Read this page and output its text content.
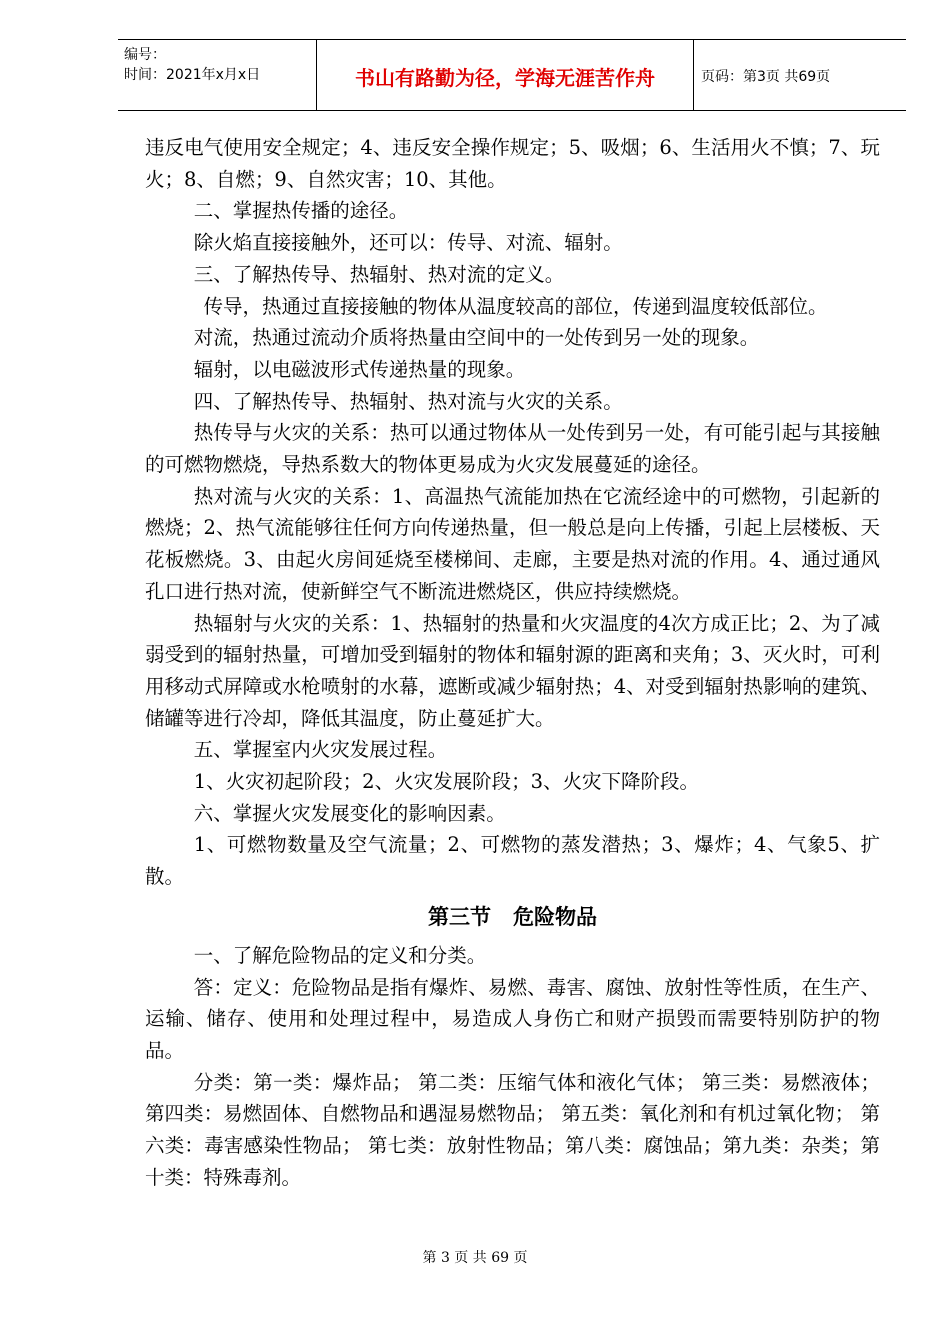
编号：
时间：2021年x月x日	书山有路勤为径，学海无涯苦作舟	页码：第3页 共69页

违反电气使用安全规定；4、违反安全操作规定；5、吸烟；6、生活用火不慎；7、玩火；8、自燃；9、自然灾害；10、其他。

二、掌握热传播的途径。

除火焰直接接触外，还可以：传导、对流、辐射。

三、了解热传导、热辐射、热对流的定义。

传导，热通过直接接触的物体从温度较高的部位，传递到温度较低部位。

对流，热通过流动介质将热量由空间中的一处传到另一处的现象。

辐射，以电磁波形式传递热量的现象。

四、了解热传导、热辐射、热对流与火灾的关系。

热传导与火灾的关系：热可以通过物体从一处传到另一处，有可能引起与其接触的可燃物燃烧，导热系数大的物体更易成为火灾发展蔓延的途径。

热对流与火灾的关系：1、高温热气流能加热在它流经途中的可燃物，引起新的燃烧；2、热气流能够往任何方向传递热量，但一般总是向上传播，引起上层楼板、天花板燃烧。3、由起火房间延烧至楼梯间、走廊，主要是热对流的作用。4、通过通风孔口进行热对流，使新鲜空气不断流进燃烧区，供应持续燃烧。

热辐射与火灾的关系：1、热辐射的热量和火灾温度的4次方成正比；2、为了减弱受到的辐射热量，可增加受到辐射的物体和辐射源的距离和夹角；3、灭火时，可利用移动式屏障或水枪喷射的水幕，遮断或减少辐射热；4、对受到辐射热影响的建筑、储罐等进行冷却，降低其温度，防止蔓延扩大。

五、掌握室内火灾发展过程。

1、火灾初起阶段；2、火灾发展阶段；3、火灾下降阶段。

六、掌握火灾发展变化的影响因素。

1、可燃物数量及空气流量；2、可燃物的蒸发潜热；3、爆炸；4、气象5、扩散。

第三节   危险物品

一、了解危险物品的定义和分类。

答：定义：危险物品是指有爆炸、易燃、毒害、腐蚀、放射性等性质，在生产、运输、储存、使用和处理过程中，易造成人身伤亡和财产损毁而需要特别防护的物品。

分类：第一类：爆炸品； 第二类：压缩气体和液化气体； 第三类：易燃液体； 第四类：易燃固体、自燃物品和遇湿易燃物品； 第五类：氧化剂和有机过氧化物； 第六类：毒害感染性物品； 第七类：放射性物品；第八类：腐蚀品；第九类：杂类；第十类：特殊毒剂。

第 3 页 共 69 页
